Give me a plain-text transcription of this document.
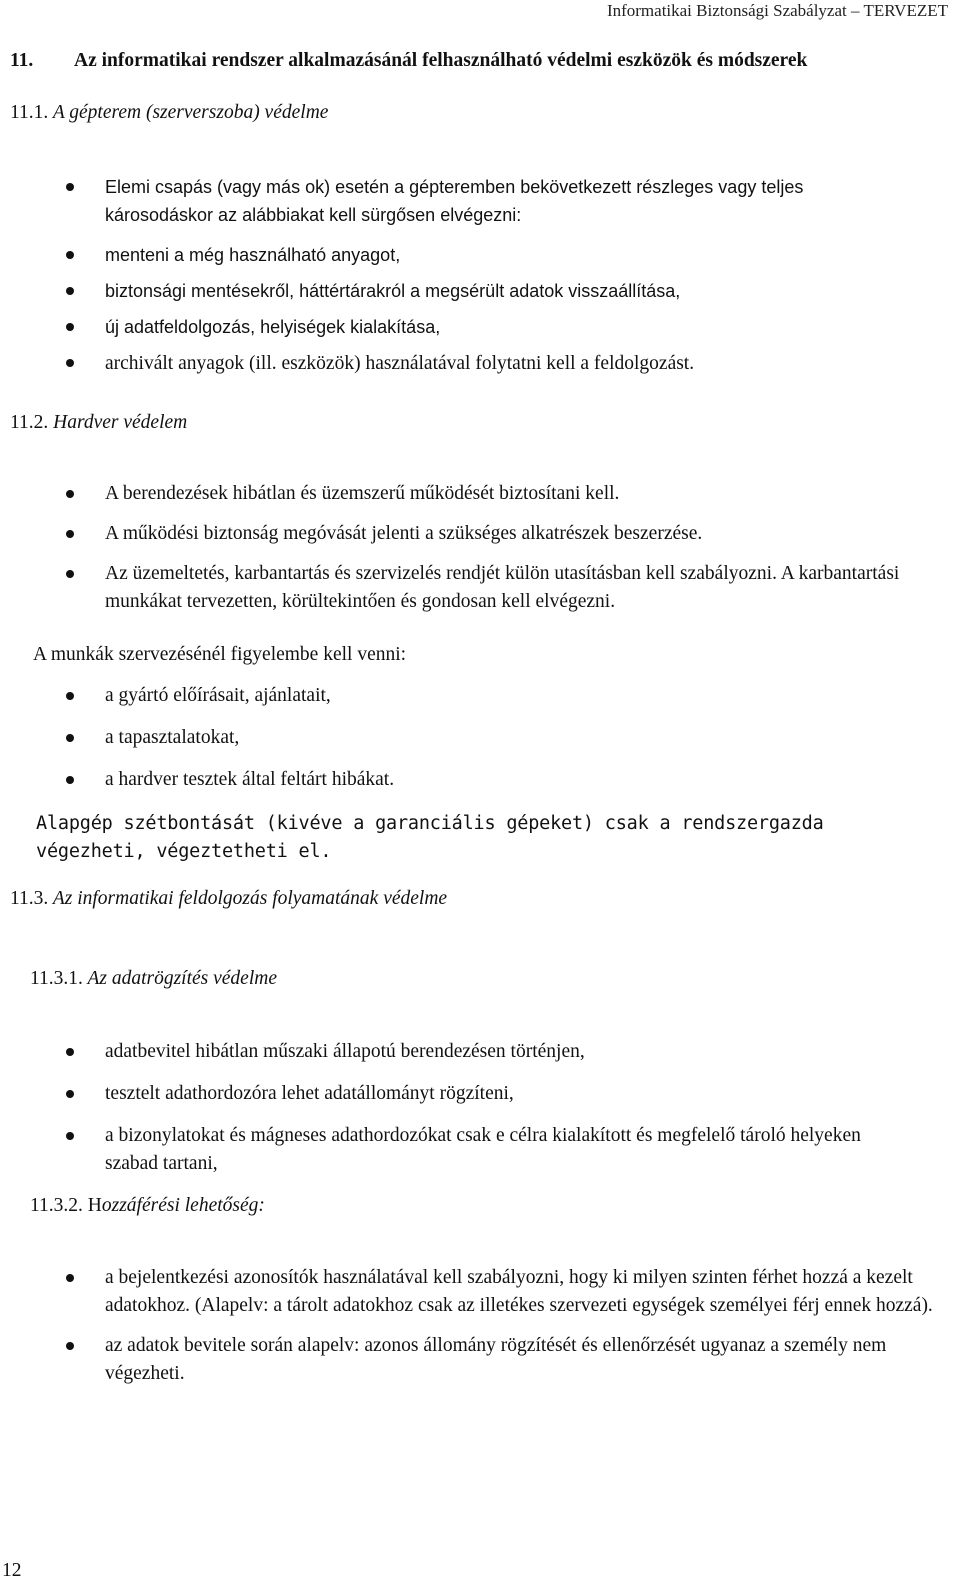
Informatikai Biztonsági Szabályzat – TERVEZET
11. Az informatikai rendszer alkalmazásánál felhasználható védelmi eszközök és módszerek
11.1. A gépterem (szerverszoba) védelme
Elemi csapás (vagy más ok) esetén a gépteremben bekövetkezett részleges vagy teljes károsodáskor az alábbiakat kell sürgősen elvégezni:
menteni a még használható anyagot,
biztonsági mentésekről, háttértárakról a megsérült adatok visszaállítása,
új adatfeldolgozás, helyiségek kialakítása,
archivált anyagok (ill. eszközök) használatával folytatni kell a feldolgozást.
11.2. Hardver védelem
A berendezések hibátlan és üzemszerű működését biztosítani kell.
A működési biztonság megóvását jelenti a szükséges alkatrészek beszerzése.
Az üzemeltetés, karbantartás és szervizelés rendjét külön utasításban kell szabályozni. A karbantartási munkákat tervezetten, körültekintően és gondosan kell elvégezni.
A munkák szervezésénél figyelembe kell venni:
a gyártó előírásait, ajánlatait,
a tapasztalatokat,
a hardver tesztek által feltárt hibákat.
Alapgép szétbontását (kivéve a garanciális gépeket) csak a rendszergazda végezheti, végeztetheti el.
11.3. Az informatikai feldolgozás folyamatának védelme
11.3.1. Az adatrögzítés védelme
adatbevitel hibátlan műszaki állapotú berendezésen történjen,
tesztelt adathordozóra lehet adatállományt rögzíteni,
a bizonylatokat és mágneses adathordozókat csak e célra kialakított és megfelelő tároló helyeken szabad tartani,
11.3.2. Hozzáférési lehetőség:
a bejelentkezési azonosítók használatával kell szabályozni, hogy ki milyen szinten férhet hozzá a kezelt adatokhoz. (Alapelv: a tárolt adatokhoz csak az illetékes szervezeti egységek személyei férj ennek hozzá).
az adatok bevitele során alapelv: azonos állomány rögzítését és ellenőrzését ugyanaz a személy nem végezheti.
12
